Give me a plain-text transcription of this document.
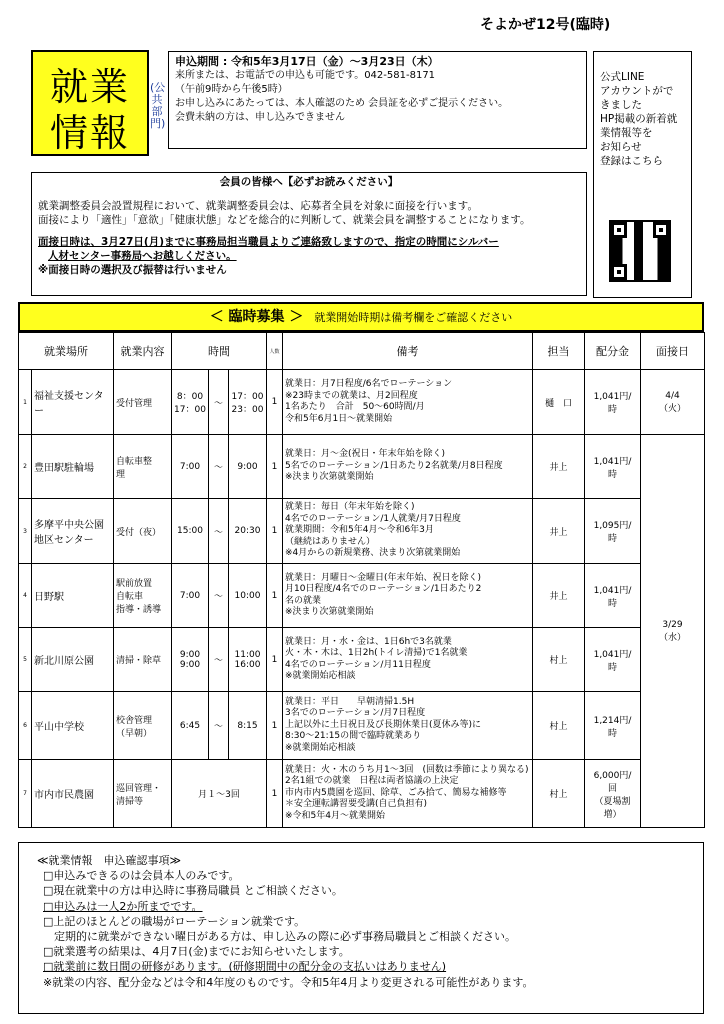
そよかぜ12号(臨時)
就業
情報
(公共部門)
申込期間 : 令和5年3月17日（金）～3月23日（木）
来所または、お電話での申込も可能です。042-581-8171
（午前9時から午後5時）
お申し込みにあたっては、本人確認のため 会員証を必ずご提示ください。
会費未納の方は、申し込みできません
公式LINE
アカウントがで
きました
HP掲載の新着就
業情報等を
お知らせ
登録はこちら
会員の皆様へ【必ずお読みください】
就業調整委員会設置規程において、就業調整委員会は、応募者全員を対象に面接を行います。
面接により「適性」「意欲」「健康状態」などを総合的に判断して、就業会員を調整することになります。
面接日時は、3月27日(月)までに事務局担当職員よりご連絡致しますので、指定の時間にシルバー
人材センター事務局へお越しください。
※面接日時の選択及び振替は行いません
＜ 臨時募集 ＞ 就業開始時期は備考欄をご確認ください
就業場所		就業内容	時間			人数	備考	担当	配分金	面接日
1	福祉支援センター	受付管理	8：00
17：00	～	17：00
23：00	1	就業日：月7日程度/6名でローテーション
※23時までの就業は、月2回程度
1名あたり　合計　50～60時間/月
令和5年6月1日～就業開始	樋　口	1,041円/
時	4/4
（火）
2	豊田駅駐輪場	自転車整
理	7:00	～	9:00	1	就業日：月～金(祝日・年末年始を除く)
5名でのローテーション/1日あたり2名就業/月8日程度
※決まり次第就業開始	井上	1,041円/
時	3/29
（水）
3	多摩平中央公園
地区センター	受付（夜）	15:00	～	20:30	1	就業日：毎日（年末年始を除く)
4名でのローテーション/1人就業/月7日程度
就業期間：令和5年4月～令和6年3月
（継続はありません）
※4月からの新規業務、決まり次第就業開始	井上	1,095円/
時	
4	日野駅	駅前放置
自転車
指導・誘導	7:00	～	10:00	1	就業日：月曜日～金曜日(年末年始、祝日を除く)
月10日程度/4名でのローテーション/1日あたり2
名の就業
※決まり次第就業開始	井上	1,041円/
時	
5	新北川原公園	清掃・除草	9:00
9:00	～	11:00
16:00	1	就業日：月・水・金は、1日6hで3名就業
火・木・木は、1日2h(トイレ清掃)で1名就業
4名でのローテーション/月11日程度
※就業開始応相談	村上	1,041円/
時	
6	平山中学校	校舎管理
（早朝）	6:45	～	8:15	1	就業日：平日　　早朝清掃1.5H
3名でのローテーション/月7日程度
上記以外に土日祝日及び長期休業日(夏休み等)に
8:30～21:15の間で臨時就業あり
※就業開始応相談	村上	1,214円/
時	
7	市内市民農園	巡回管理・
清掃等	月１～3回			1	就業日：火・木のうち月1～3回　(回数は季節により異なる)
2名1組での就業　日程は両者協議の上決定
市内市内5農園を巡回、除草、ごみ拾て、簡易な補修等
＊安全運転講習要受講(自己負担有)
※令和5年4月～就業開始	村上	6,000円/
回
（夏場割
増）	
≪就業情報　申込確認事項≫
□申込みできるのは会員本人のみです。
□現在就業中の方は申込時に事務局職員 とご相談ください。
□申込みは一人2か所までです。
□上記のほとんどの職場がローテーション就業です。
　定期的に就業ができない曜日がある方は、申し込みの際に必ず事務局職員とご相談ください。
□就業選考の結果は、4月7日(金)までにお知らせいたします。
□就業前に数日間の研修があります。(研修期間中の配分金の支払いはありません)
※就業の内容、配分金などは令和4年度のものです。令和5年4月より変更される可能性があります。
